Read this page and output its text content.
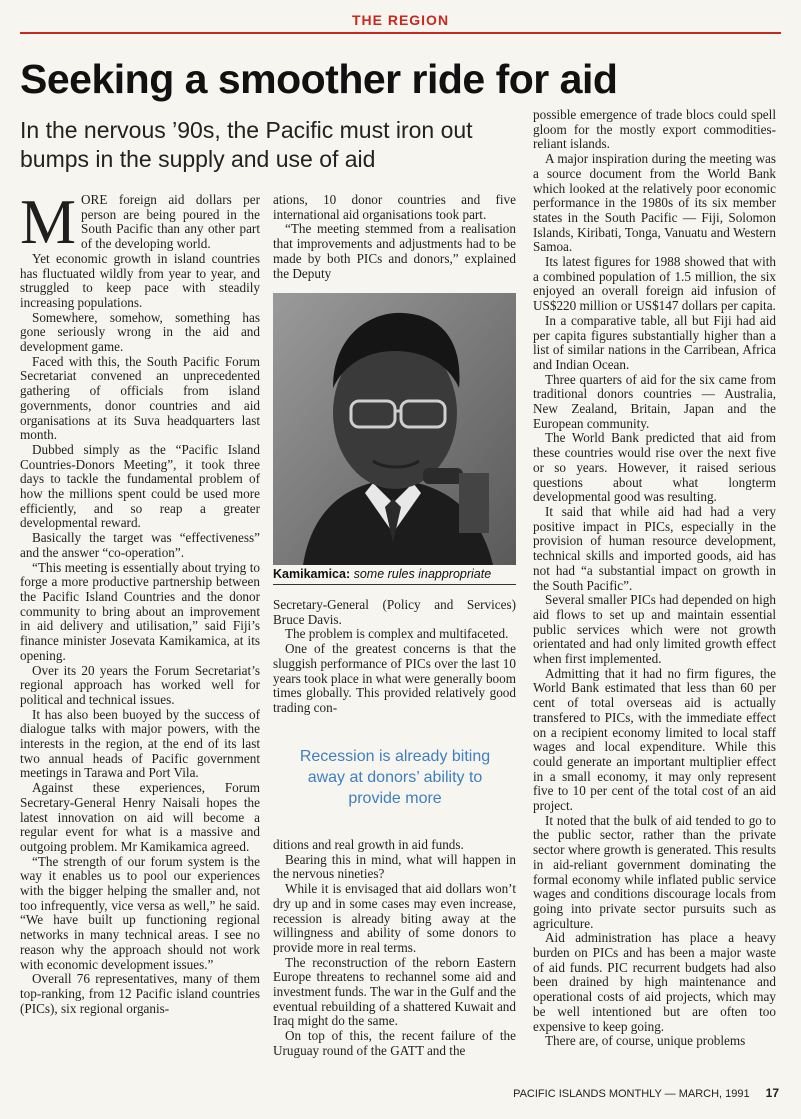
THE REGION
Seeking a smoother ride for aid
In the nervous ’90s, the Pacific must iron out bumps in the supply and use of aid

MORE foreign aid dollars per person are being poured in the South Pacific than any other part of the developing world.

Yet economic growth in island countries has fluctuated wildly from year to year, and struggled to keep pace with steadily increasing populations.

Somewhere, somehow, something has gone seriously wrong in the aid and development game.

Faced with this, the South Pacific Forum Secretariat convened an unprecedented gathering of officials from island governments, donor countries and aid organisations at its Suva headquarters last month.

Dubbed simply as the “Pacific Island Countries-Donors Meeting”, it took three days to tackle the fundamental problem of how the millions spent could be used more efficiently, and so reap a greater developmental reward.

Basically the target was “effectiveness” and the answer “co-operation”.

“This meeting is essentially about trying to forge a more productive partnership between the Pacific Island Countries and the donor community to bring about an improvement in aid delivery and utilisation,” said Fiji’s finance minister Josevata Kamikamica, at its opening.

Over its 20 years the Forum Secretariat’s regional approach has worked well for political and technical issues.

It has also been buoyed by the success of dialogue talks with major powers, with the interests in the region, at the end of its last two annual heads of Pacific government meetings in Tarawa and Port Vila.

Against these experiences, Forum Secretary-General Henry Naisali hopes the latest innovation on aid will become a regular event for what is a massive and outgoing problem. Mr Kamikamica agreed.

“The strength of our forum system is the way it enables us to pool our experiences with the bigger helping the smaller and, not too infrequently, vice versa as well,” he said. “We have built up functioning regional networks in many technical areas. I see no reason why the approach should not work with economic development issues.”

Overall 76 representatives, many of them top-ranking, from 12 Pacific island countries (PICs), six regional organis-

ations, 10 donor countries and five international aid organisations took part.

“The meeting stemmed from a realisation that improvements and adjustments had to be made by both PICs and donors,” explained the Deputy

Kamikamica: some rules inappropriate

Secretary-General (Policy and Services) Bruce Davis.

The problem is complex and multifaceted.

One of the greatest concerns is that the sluggish performance of PICs over the last 10 years took place in what were generally boom times globally. This provided relatively good trading con-

Recession is already biting away at donors’ ability to provide more

ditions and real growth in aid funds.

Bearing this in mind, what will happen in the nervous nineties?

While it is envisaged that aid dollars won’t dry up and in some cases may even increase, recession is already biting away at the willingness and ability of some donors to provide more in real terms.

The reconstruction of the reborn Eastern Europe threatens to rechannel some aid and investment funds. The war in the Gulf and the eventual rebuilding of a shattered Kuwait and Iraq might do the same.

On top of this, the recent failure of the Uruguay round of the GATT and the

possible emergence of trade blocs could spell gloom for the mostly export commodities-reliant islands.

A major inspiration during the meeting was a source document from the World Bank which looked at the relatively poor economic performance in the 1980s of its six member states in the South Pacific — Fiji, Solomon Islands, Kiribati, Tonga, Vanuatu and Western Samoa.

Its latest figures for 1988 showed that with a combined population of 1.5 million, the six enjoyed an overall foreign aid infusion of US$220 million or US$147 dollars per capita.

In a comparative table, all but Fiji had aid per capita figures substantially higher than a list of similar nations in the Carribean, Africa and Indian Ocean.

Three quarters of aid for the six came from traditional donors countries — Australia, New Zealand, Britain, Japan and the European community.

The World Bank predicted that aid from these countries would rise over the next five or so years. However, it raised serious questions about what longterm developmental good was resulting.

It said that while aid had had a very positive impact in PICs, especially in the provision of human resource development, technical skills and imported goods, aid has not had “a substantial impact on growth in the South Pacific”.

Several smaller PICs had depended on high aid flows to set up and maintain essential public services which were not growth orientated and had only limited growth effect when first implemented.

Admitting that it had no firm figures, the World Bank estimated that less than 60 per cent of total overseas aid is actually transfered to PICs, with the immediate effect on a recipient economy limited to local staff wages and local expenditure. While this could generate an important multiplier effect in a small economy, it may only represent five to 10 per cent of the total cost of an aid project.

It noted that the bulk of aid tended to go to the public sector, rather than the private sector where growth is generated. This results in aid-reliant government dominating the formal economy while inflated public service wages and conditions discourage locals from going into private sector pursuits such as agriculture.

Aid administration has place a heavy burden on PICs and has been a major waste of aid funds. PIC recurrent budgets had also been drained by high maintenance and operational costs of aid projects, which may be well intentioned but are often too expensive to keep going.

There are, of course, unique problems

PACIFIC ISLANDS MONTHLY — MARCH, 1991 17
